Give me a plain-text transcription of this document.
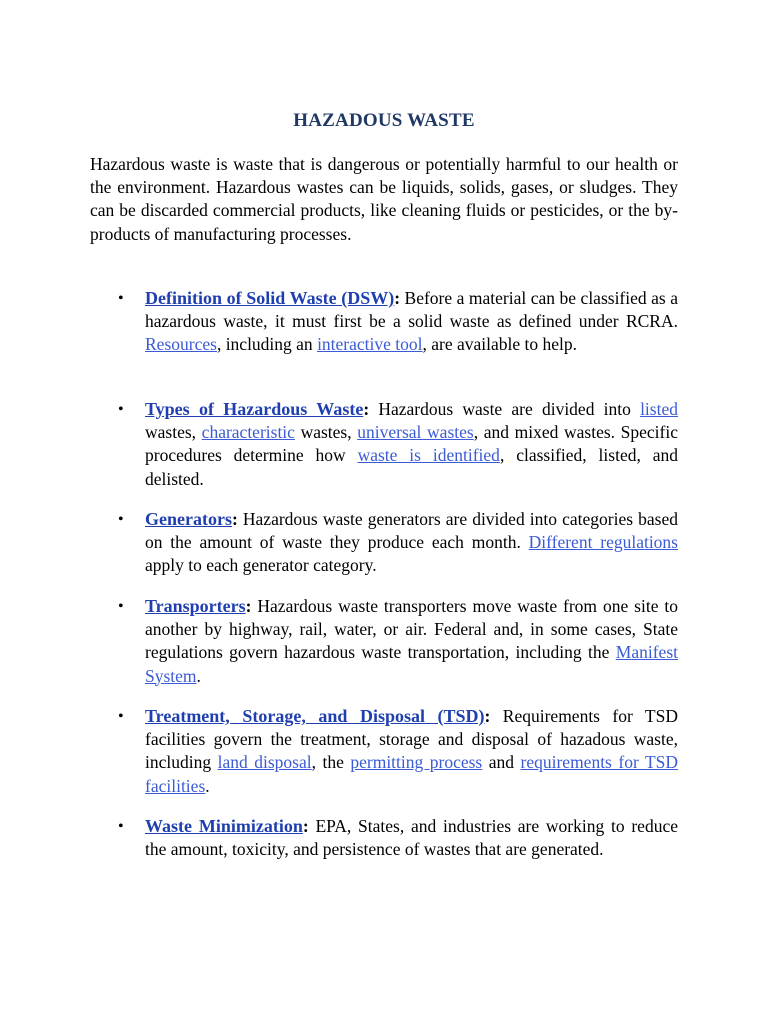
HAZADOUS WASTE

Hazardous waste is waste that is dangerous or potentially harmful to our health or the environment. Hazardous wastes can be liquids, solids, gases, or sludges. They can be discarded commercial products, like cleaning fluids or pesticides, or the by-products of manufacturing processes.

• Definition of Solid Waste (DSW): Before a material can be classified as a hazardous waste, it must first be a solid waste as defined under RCRA. Resources, including an interactive tool, are available to help.
• Types of Hazardous Waste: Hazardous waste are divided into listed wastes, characteristic wastes, universal wastes, and mixed wastes. Specific procedures determine how waste is identified, classified, listed, and delisted.
• Generators: Hazardous waste generators are divided into categories based on the amount of waste they produce each month. Different regulations apply to each generator category.
• Transporters: Hazardous waste transporters move waste from one site to another by highway, rail, water, or air. Federal and, in some cases, State regulations govern hazardous waste transportation, including the Manifest System.
• Treatment, Storage, and Disposal (TSD): Requirements for TSD facilities govern the treatment, storage and disposal of hazadous waste, including land disposal, the permitting process and requirements for TSD facilities.
• Waste Minimization: EPA, States, and industries are working to reduce the amount, toxicity, and persistence of wastes that are generated.
